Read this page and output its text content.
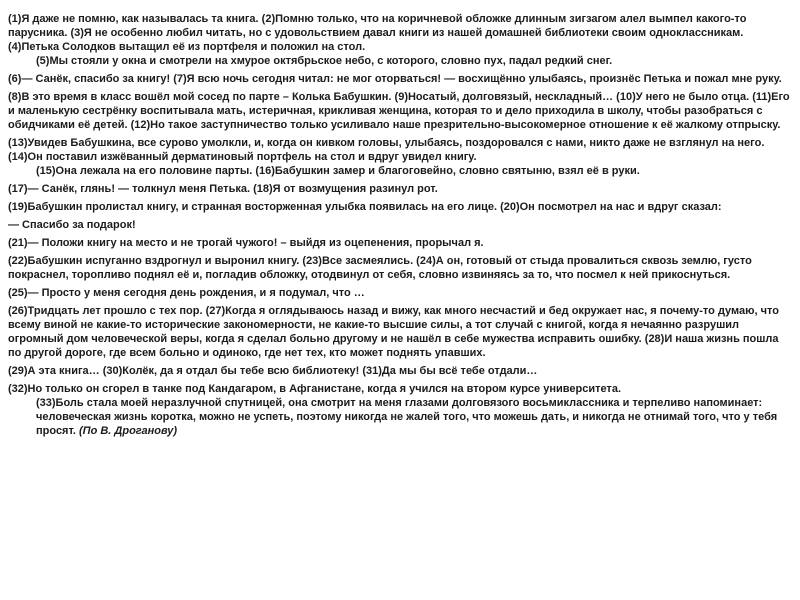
(1)Я даже не помню, как называлась та книга. (2)Помню только, что на коричневой обложке длинным зигзагом алел вымпел какого-то парусника. (3)Я не особенно любил читать, но с удовольствием давал книги из нашей домашней библиотеки своим одноклассникам. (4)Петька Солодков вытащил её из портфеля и положил на стол.
(5)Мы стояли у окна и смотрели на хмурое октябрьское небо, с которого, словно пух, падал редкий снег.

(6)— Санёк, спасибо за книгу! (7)Я всю ночь сегодня читал: не мог оторваться! — восхищённо улыбаясь, произнёс Петька и пожал мне руку.

(8)В это время в класс вошёл мой сосед по парте – Колька Бабушкин. (9)Носатый, долговязый, нескладный… (10)У него не было отца. (11)Его и маленькую сестрёнку воспитывала мать, истеричная, крикливая женщина, которая то и дело приходила в школу, чтобы разобраться с обидчиками её детей. (12)Но такое заступничество только усиливало наше презрительно-высокомерное отношение к её жалкому отпрыску.

(13)Увидев Бабушкина, все сурово умолкли, и, когда он кивком головы, улыбаясь, поздоровался с нами, никто даже не взглянул на него. (14)Он поставил изжёванный дерматиновый портфель на стол и вдруг увидел книгу.
(15)Она лежала на его половине парты. (16)Бабушкин замер и благоговейно, словно святыню, взял её в руки.

(17)— Санёк, глянь! — толкнул меня Петька. (18)Я от возмущения разинул рот.

(19)Бабушкин пролистал книгу, и странная восторженная улыбка появилась на его лице. (20)Он посмотрел на нас и вдруг сказал:

— Спасибо за подарок!

(21)— Положи книгу на место и не трогай чужого! – выйдя из оцепенения, прорычал я.

(22)Бабушкин испуганно вздрогнул и выронил книгу. (23)Все засмеялись. (24)А он, готовый от стыда провалиться сквозь землю, густо покраснел, торопливо поднял её и, погладив обложку, отодвинул от себя, словно извиняясь за то, что посмел к ней прикоснуться.

(25)— Просто у меня сегодня день рождения, и я подумал, что …

(26)Тридцать лет прошло с тех пор. (27)Когда я оглядываюсь назад и вижу, как много несчастий и бед окружает нас, я почему-то думаю, что всему виной не какие-то исторические закономерности, не какие-то высшие силы, а тот случай с книгой, когда я нечаянно разрушил огромный дом человеческой веры, когда я сделал больно другому и не нашёл в себе мужества исправить ошибку. (28)И наша жизнь пошла по другой дороге, где всем больно и одиноко, где нет тех, кто может поднять упавших.

(29)А эта книга… (30)Колёк, да я отдал бы тебе всю библиотеку! (31)Да мы бы всё тебе отдали…

(32)Но только он сгорел в танке под Кандагаром, в Афганистане, когда я учился на втором курсе университета.
(33)Боль стала моей неразлучной спутницей, она смотрит на меня глазами долговязого восьмиклассника и терпеливо напоминает: человеческая жизнь коротка, можно не успеть, поэтому никогда не жалей того, что можешь дать, и никогда не отнимай того, что у тебя просят. (По В. Дроганову)
